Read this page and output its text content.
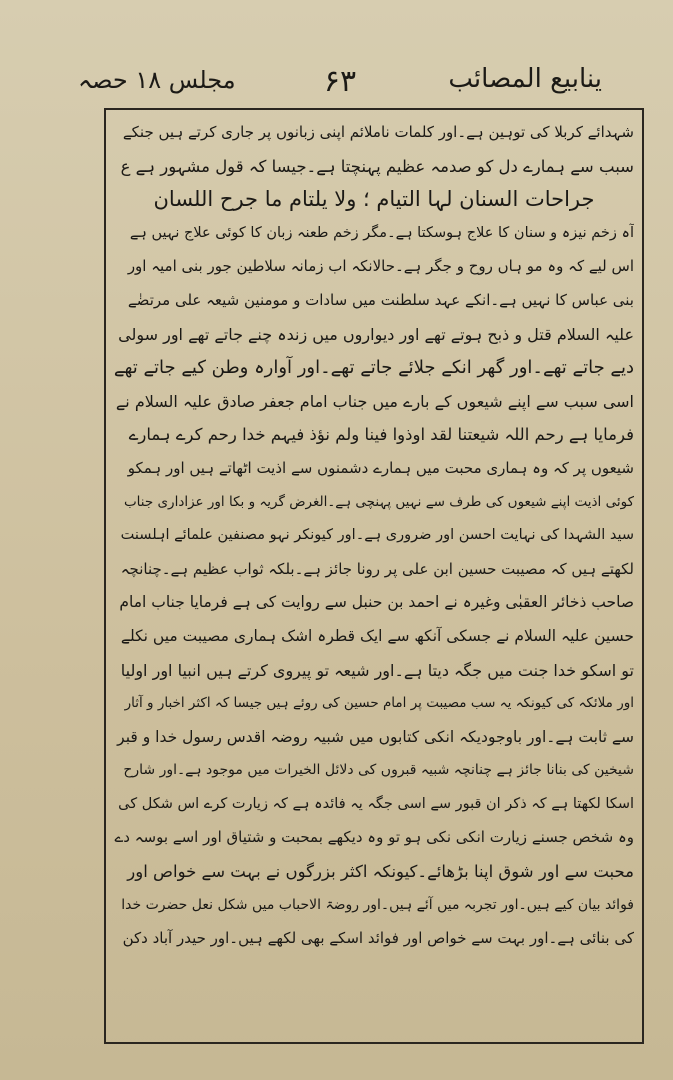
ینابیع المصائب
۶۳
مجلس ۱۸ حصہ
شہدائے کربلا کی توہین ہے۔اور کلمات ناملائم اپنی زبانوں پر جاری کرتے ہیں جنکے
سبب سے ہمارے دل کو صدمہ عظیم پہنچتا ہے۔جیسا کہ قول مشہور ہے ع
جراحات السنان لہا التیام ؛ ولا یلتام ما جرح اللسان
آہ زخم نیزہ و سنان کا علاج ہوسکتا ہے۔مگر زخم طعنہ زبان کا کوئی علاج نہیں ہے
اس لیے کہ وہ مو ہاں روح و جگر ہے۔حالانکہ اب زمانہ سلاطین جور بنی امیہ اور
بنی عباس کا نہیں ہے۔انکے عہد سلطنت میں سادات و مومنین شیعہ علی مرتضٰے
علیہ السلام قتل و ذبح ہوتے تھے اور دیواروں میں زندہ چنے جاتے تھے اور سولی
دیے جاتے تھے۔اور گھر انکے جلائے جاتے تھے۔اور آوارہ وطن کیے جاتے تھے
اسی سبب سے اپنے شیعوں کے بارے میں جناب امام جعفر صادق علیہ السلام نے
فرمایا ہے رحم اللہ شیعتنا لقد اوذوا فینا ولم نؤذ فیہم خدا رحم کرے ہمارے
شیعوں پر کہ وہ ہماری محبت میں ہمارے دشمنوں سے اذیت اٹھاتے ہیں اور ہمکو
کوئی اذیت اپنے شیعوں کی طرف سے نہیں پہنچی ہے۔الغرض گریہ و بکا اور عزاداری جناب
سید الشہدا کی نہایت احسن اور ضروری ہے۔اور کیونکر نہو مصنفین علمائے اہلسنت
لکھتے ہیں کہ مصیبت حسین ابن علی پر رونا جائز ہے۔بلکہ ثواب عظیم ہے۔چنانچہ
صاحب ذخائر العقبٰی وغیرہ نے احمد بن حنبل سے روایت کی ہے فرمایا جناب امام
حسین علیہ السلام نے جسکی آنکھ سے ایک قطرہ اشک ہماری مصیبت میں نکلے
تو اسکو خدا جنت میں جگہ دیتا ہے۔اور شیعہ تو پیروی کرتے ہیں انبیا اور اولیا
اور ملائکہ کی کیونکہ یہ سب مصیبت پر امام حسین کی روئے ہیں جیسا کہ اکثر اخبار و آثار
سے ثابت ہے۔اور باوجودیکہ انکی کتابوں میں شبیہ روضہ اقدس رسول خدا و قبر
شیخین کی بنانا جائز ہے چنانچہ شبیہ قبروں کی دلائل الخیرات میں موجود ہے۔اور شارح
اسکا لکھتا ہے کہ ذکر ان قبور سے اسی جگہ یہ فائدہ ہے کہ زیارت کرے اس شکل کی
وہ شخص جسنے زیارت انکی نکی ہو تو وہ دیکھے بمحبت و شتیاق اور اسے بوسہ دے
محبت سے اور شوق اپنا بڑھائے۔کیونکہ اکثر بزرگوں نے بہت سے خواص اور
فوائد بیان کیے ہیں۔اور تجربہ میں آئے ہیں۔اور روضۃ الاحباب میں شکل نعل حضرت خدا
کی بنائی ہے۔اور بہت سے خواص اور فوائد اسکے بھی لکھے ہیں۔اور حیدر آباد دکن
